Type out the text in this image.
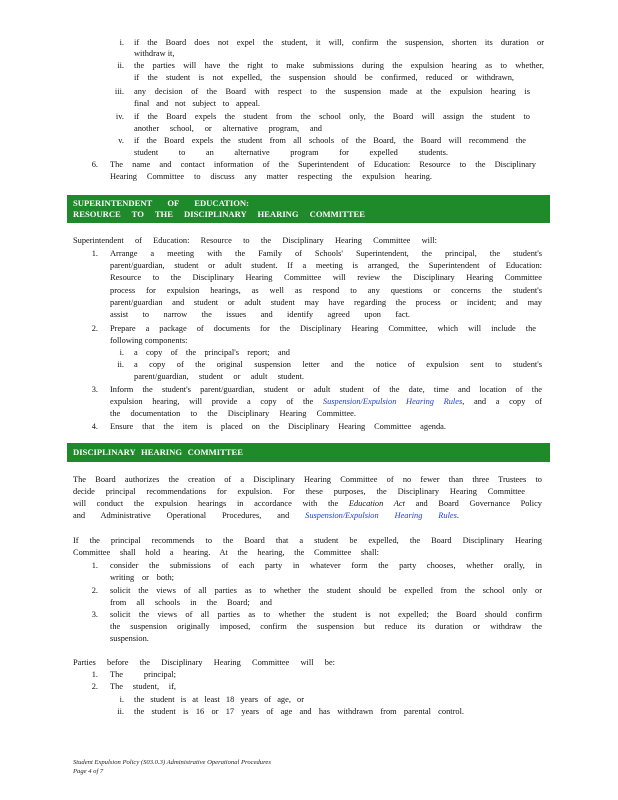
i. if the Board does not expel the student, it will, confirm the suspension, shorten its duration or
withdraw it,
ii. the parties will have the right to make submissions during the expulsion hearing as to whether,
if the student is not expelled, the suspension should be confirmed, reduced or withdrawn,
iii. any decision of the Board with respect to the suspension made at the expulsion hearing is
final and not subject to appeal.
iv. if the Board expels the student from the school only, the Board will assign the student to
another school, or alternative program, and
v. if the Board expels the student from all schools of the Board, the Board will recommend the
student to an alternative program for expelled students.
6. The name and contact information of the Superintendent of Education: Resource to the Disciplinary
Hearing Committee to discuss any matter respecting the expulsion hearing.
SUPERINTENDENT OF EDUCATION:
RESOURCE TO THE DISCIPLINARY HEARING COMMITTEE
Superintendent of Education: Resource to the Disciplinary Hearing Committee will:
1. Arrange a meeting with the Family of Schools' Superintendent, the principal, the student's
parent/guardian, student or adult student. If a meeting is arranged, the Superintendent of Education:
Resource to the Disciplinary Hearing Committee will review the Disciplinary Hearing Committee
process for expulsion hearings, as well as respond to any questions or concerns the student's
parent/guardian and student or adult student may have regarding the process or incident; and may
assist to narrow the issues and identify agreed upon fact.
2. Prepare a package of documents for the Disciplinary Hearing Committee, which will include the
following components:
i. a copy of the principal's report; and
ii. a copy of the original suspension letter and the notice of expulsion sent to student's
parent/guardian, student or adult student.
3. Inform the student's parent/guardian, student or adult student of the date, time and location of the
expulsion hearing, will provide a copy of the Suspension/Expulsion Hearing Rules, and a copy of
the documentation to the Disciplinary Hearing Committee.
4. Ensure that the item is placed on the Disciplinary Hearing Committee agenda.
DISCIPLINARY HEARING COMMITTEE
The Board authorizes the creation of a Disciplinary Hearing Committee of no fewer than three Trustees to
decide principal recommendations for expulsion. For these purposes, the Disciplinary Hearing Committee
will conduct the expulsion hearings in accordance with the Education Act and Board Governance Policy
and Administrative Operational Procedures, and Suspension/Expulsion Hearing Rules.
If the principal recommends to the Board that a student be expelled, the Board Disciplinary Hearing
Committee shall hold a hearing. At the hearing, the Committee shall:
1. consider the submissions of each party in whatever form the party chooses, whether orally, in
writing or both;
2. solicit the views of all parties as to whether the student should be expelled from the school only or
from all schools in the Board; and
3. solicit the views of all parties as to whether the student is not expelled; the Board should confirm
the suspension originally imposed, confirm the suspension but reduce its duration or withdraw the
suspension.
Parties before the Disciplinary Hearing Committee will be:
1. The principal;
2. The student, if,
i. the student is at least 18 years of age, or
ii. the student is 16 or 17 years of age and has withdrawn from parental control.
Student Expulsion Policy (S03.0.3) Administrative Operational Procedures
Page 4 of 7
